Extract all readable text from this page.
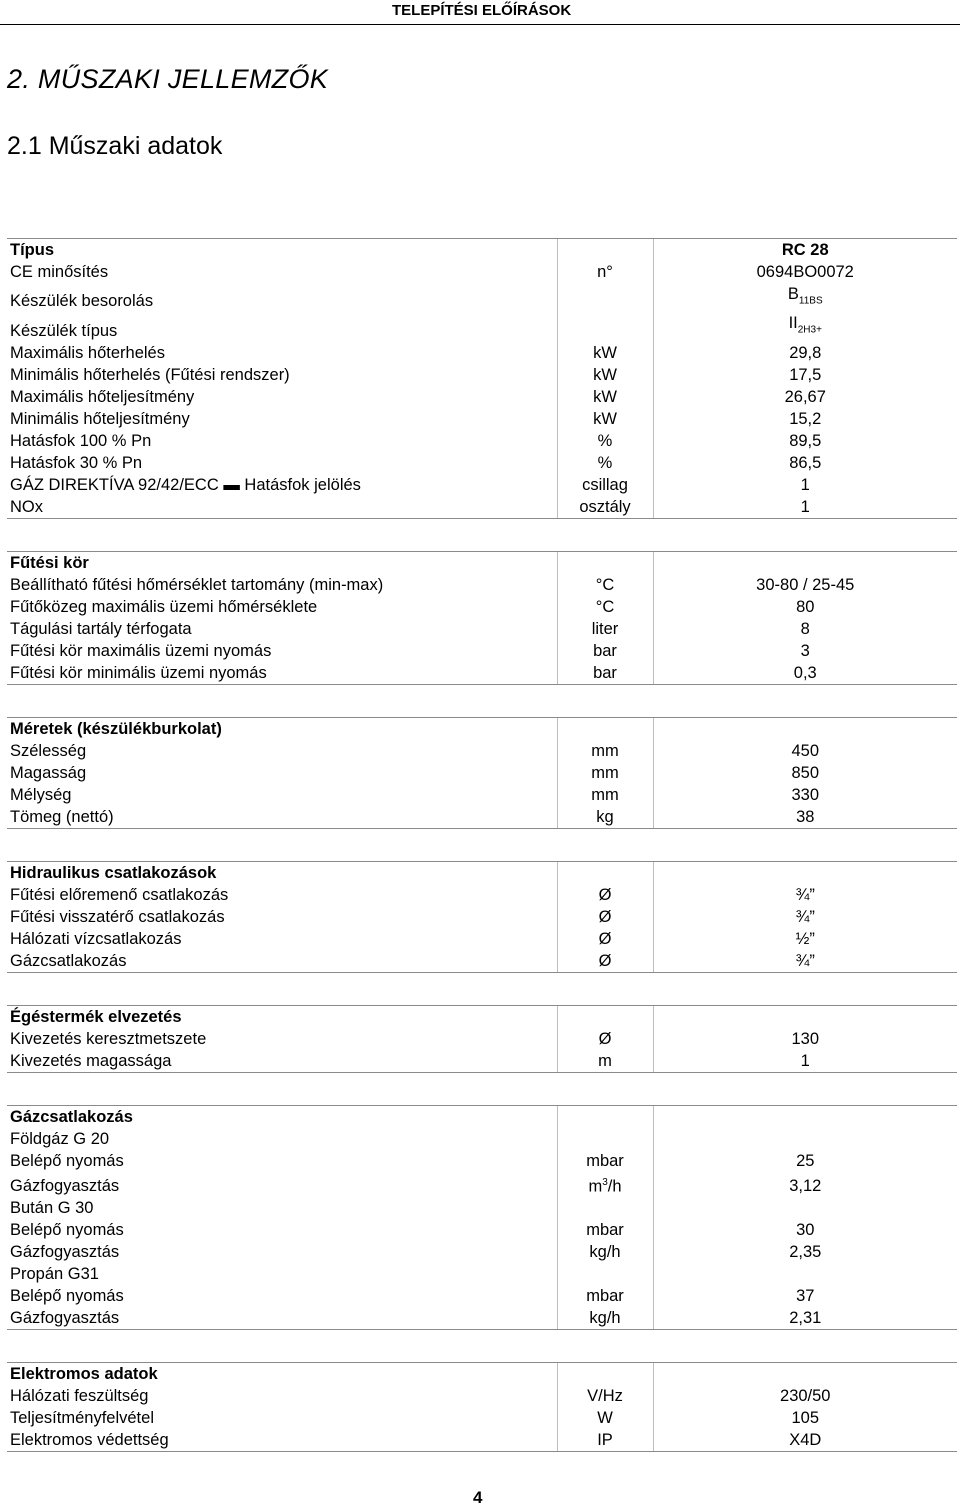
TELEPÍTÉSI ELŐÍRÁSOK
2. MŰSZAKI JELLEMZŐK
2.1 Műszaki adatok
Típus		RC 28
CE minősítés	n°	0694BO0072
Készülék besorolás		$B_{11BS}$
Készülék típus		$II_{2H3+}$
Maximális hőterhelés	kW	29,8
Minimális hőterhelés (Fűtési rendszer)	kW	17,5
Maximális hőteljesítmény	kW	26,67
Minimális hőteljesítmény	kW	15,2
Hatásfok 100 % Pn	%	89,5
Hatásfok 30 % Pn	%	86,5
GÁZ DIREKTÍVA 92/42/ECC ▬ Hatásfok jelölés	csillag	1
NOx	osztály	1

Fűtési kör		
Beállítható fűtési hőmérséklet tartomány (min-max)	°C	30-80 / 25-45
Fűtőközeg maximális üzemi hőmérséklete	°C	80
Tágulási tartály térfogata	liter	8
Fűtési kör maximális üzemi nyomás	bar	3
Fűtési kör minimális üzemi nyomás	bar	0,3

Méretek (készülékburkolat)		
Szélesség	mm	450
Magasság	mm	850
Mélység	mm	330
Tömeg (nettó)	kg	38

Hidraulikus csatlakozások		
Fűtési előremenő csatlakozás	Ø	¾”
Fűtési visszatérő csatlakozás	Ø	¾”
Hálózati vízcsatlakozás	Ø	½”
Gázcsatlakozás	Ø	¾”

Égéstermék elvezetés		
Kivezetés keresztmetszete	Ø	130
Kivezetés magassága	m	1

Gázcsatlakozás		
Földgáz G 20		
Belépő nyomás	mbar	25
Gázfogyasztás	$m^3/h$	3,12
Bután G 30		
Belépő nyomás	mbar	30
Gázfogyasztás	kg/h	2,35
Propán G31		
Belépő nyomás	mbar	37
Gázfogyasztás	kg/h	2,31

Elektromos adatok		
Hálózati feszültség	V/Hz	230/50
Teljesítményfelvétel	W	105
Elektromos védettség	IP	X4D
4
